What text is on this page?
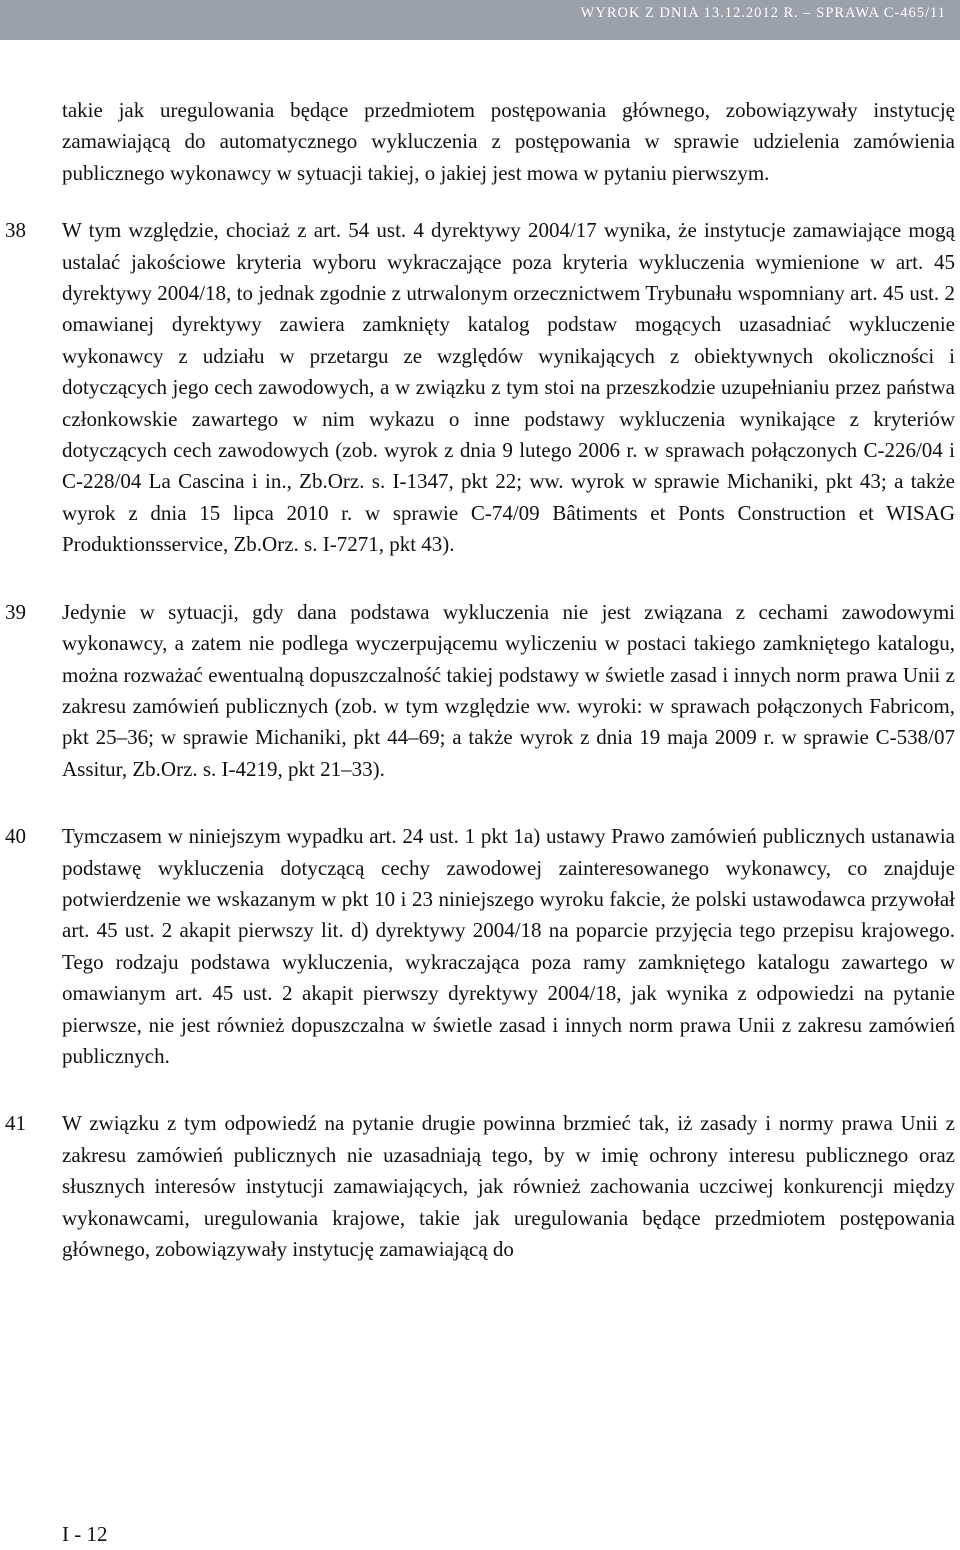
WYROK Z DNIA 13.12.2012 R. – SPRAWA C-465/11

takie jak uregulowania będące przedmiotem postępowania głównego, zobowiązywały instytucję zamawiającą do automatycznego wykluczenia z postępowania w sprawie udzielenia zamówienia publicznego wykonawcy w sytuacji takiej, o jakiej jest mowa w pytaniu pierwszym.

38 W tym względzie, chociaż z art. 54 ust. 4 dyrektywy 2004/17 wynika, że instytucje zamawiające mogą ustalać jakościowe kryteria wyboru wykraczające poza kryteria wykluczenia wymienione w art. 45 dyrektywy 2004/18, to jednak zgodnie z utrwalonym orzecznictwem Trybunału wspomniany art. 45 ust. 2 omawianej dyrektywy zawiera zamknięty katalog podstaw mogących uzasadniać wykluczenie wykonawcy z udziału w przetargu ze względów wynikających z obiektywnych okoliczności i dotyczących jego cech zawodowych, a w związku z tym stoi na przeszkodzie uzupełnianiu przez państwa członkowskie zawartego w nim wykazu o inne podstawy wykluczenia wynikające z kryteriów dotyczących cech zawodowych (zob. wyrok z dnia 9 lutego 2006 r. w sprawach połączonych C-226/04 i C-228/04 La Cascina i in., Zb.Orz. s. I-1347, pkt 22; ww. wyrok w sprawie Michaniki, pkt 43; a także wyrok z dnia 15 lipca 2010 r. w sprawie C-74/09 Bâtiments et Ponts Construction et WISAG Produktionsservice, Zb.Orz. s. I-7271, pkt 43).

39 Jedynie w sytuacji, gdy dana podstawa wykluczenia nie jest związana z cechami zawodowymi wykonawcy, a zatem nie podlega wyczerpującemu wyliczeniu w postaci takiego zamkniętego katalogu, można rozważać ewentualną dopuszczalność takiej podstawy w świetle zasad i innych norm prawa Unii z zakresu zamówień publicznych (zob. w tym względzie ww. wyroki: w sprawach połączonych Fabricom, pkt 25–36; w sprawie Michaniki, pkt 44–69; a także wyrok z dnia 19 maja 2009 r. w sprawie C-538/07 Assitur, Zb.Orz. s. I-4219, pkt 21–33).

40 Tymczasem w niniejszym wypadku art. 24 ust. 1 pkt 1a) ustawy Prawo zamówień publicznych ustanawia podstawę wykluczenia dotyczącą cechy zawodowej zainteresowanego wykonawcy, co znajduje potwierdzenie we wskazanym w pkt 10 i 23 niniejszego wyroku fakcie, że polski ustawodawca przywołał art. 45 ust. 2 akapit pierwszy lit. d) dyrektywy 2004/18 na poparcie przyjęcia tego przepisu krajowego. Tego rodzaju podstawa wykluczenia, wykraczająca poza ramy zamkniętego katalogu zawartego w omawianym art. 45 ust. 2 akapit pierwszy dyrektywy 2004/18, jak wynika z odpowiedzi na pytanie pierwsze, nie jest również dopuszczalna w świetle zasad i innych norm prawa Unii z zakresu zamówień publicznych.

41 W związku z tym odpowiedź na pytanie drugie powinna brzmieć tak, iż zasady i normy prawa Unii z zakresu zamówień publicznych nie uzasadniają tego, by w imię ochrony interesu publicznego oraz słusznych interesów instytucji zamawiających, jak również zachowania uczciwej konkurencji między wykonawcami, uregulowania krajowe, takie jak uregulowania będące przedmiotem postępowania głównego, zobowiązywały instytucję zamawiającą do

I - 12
